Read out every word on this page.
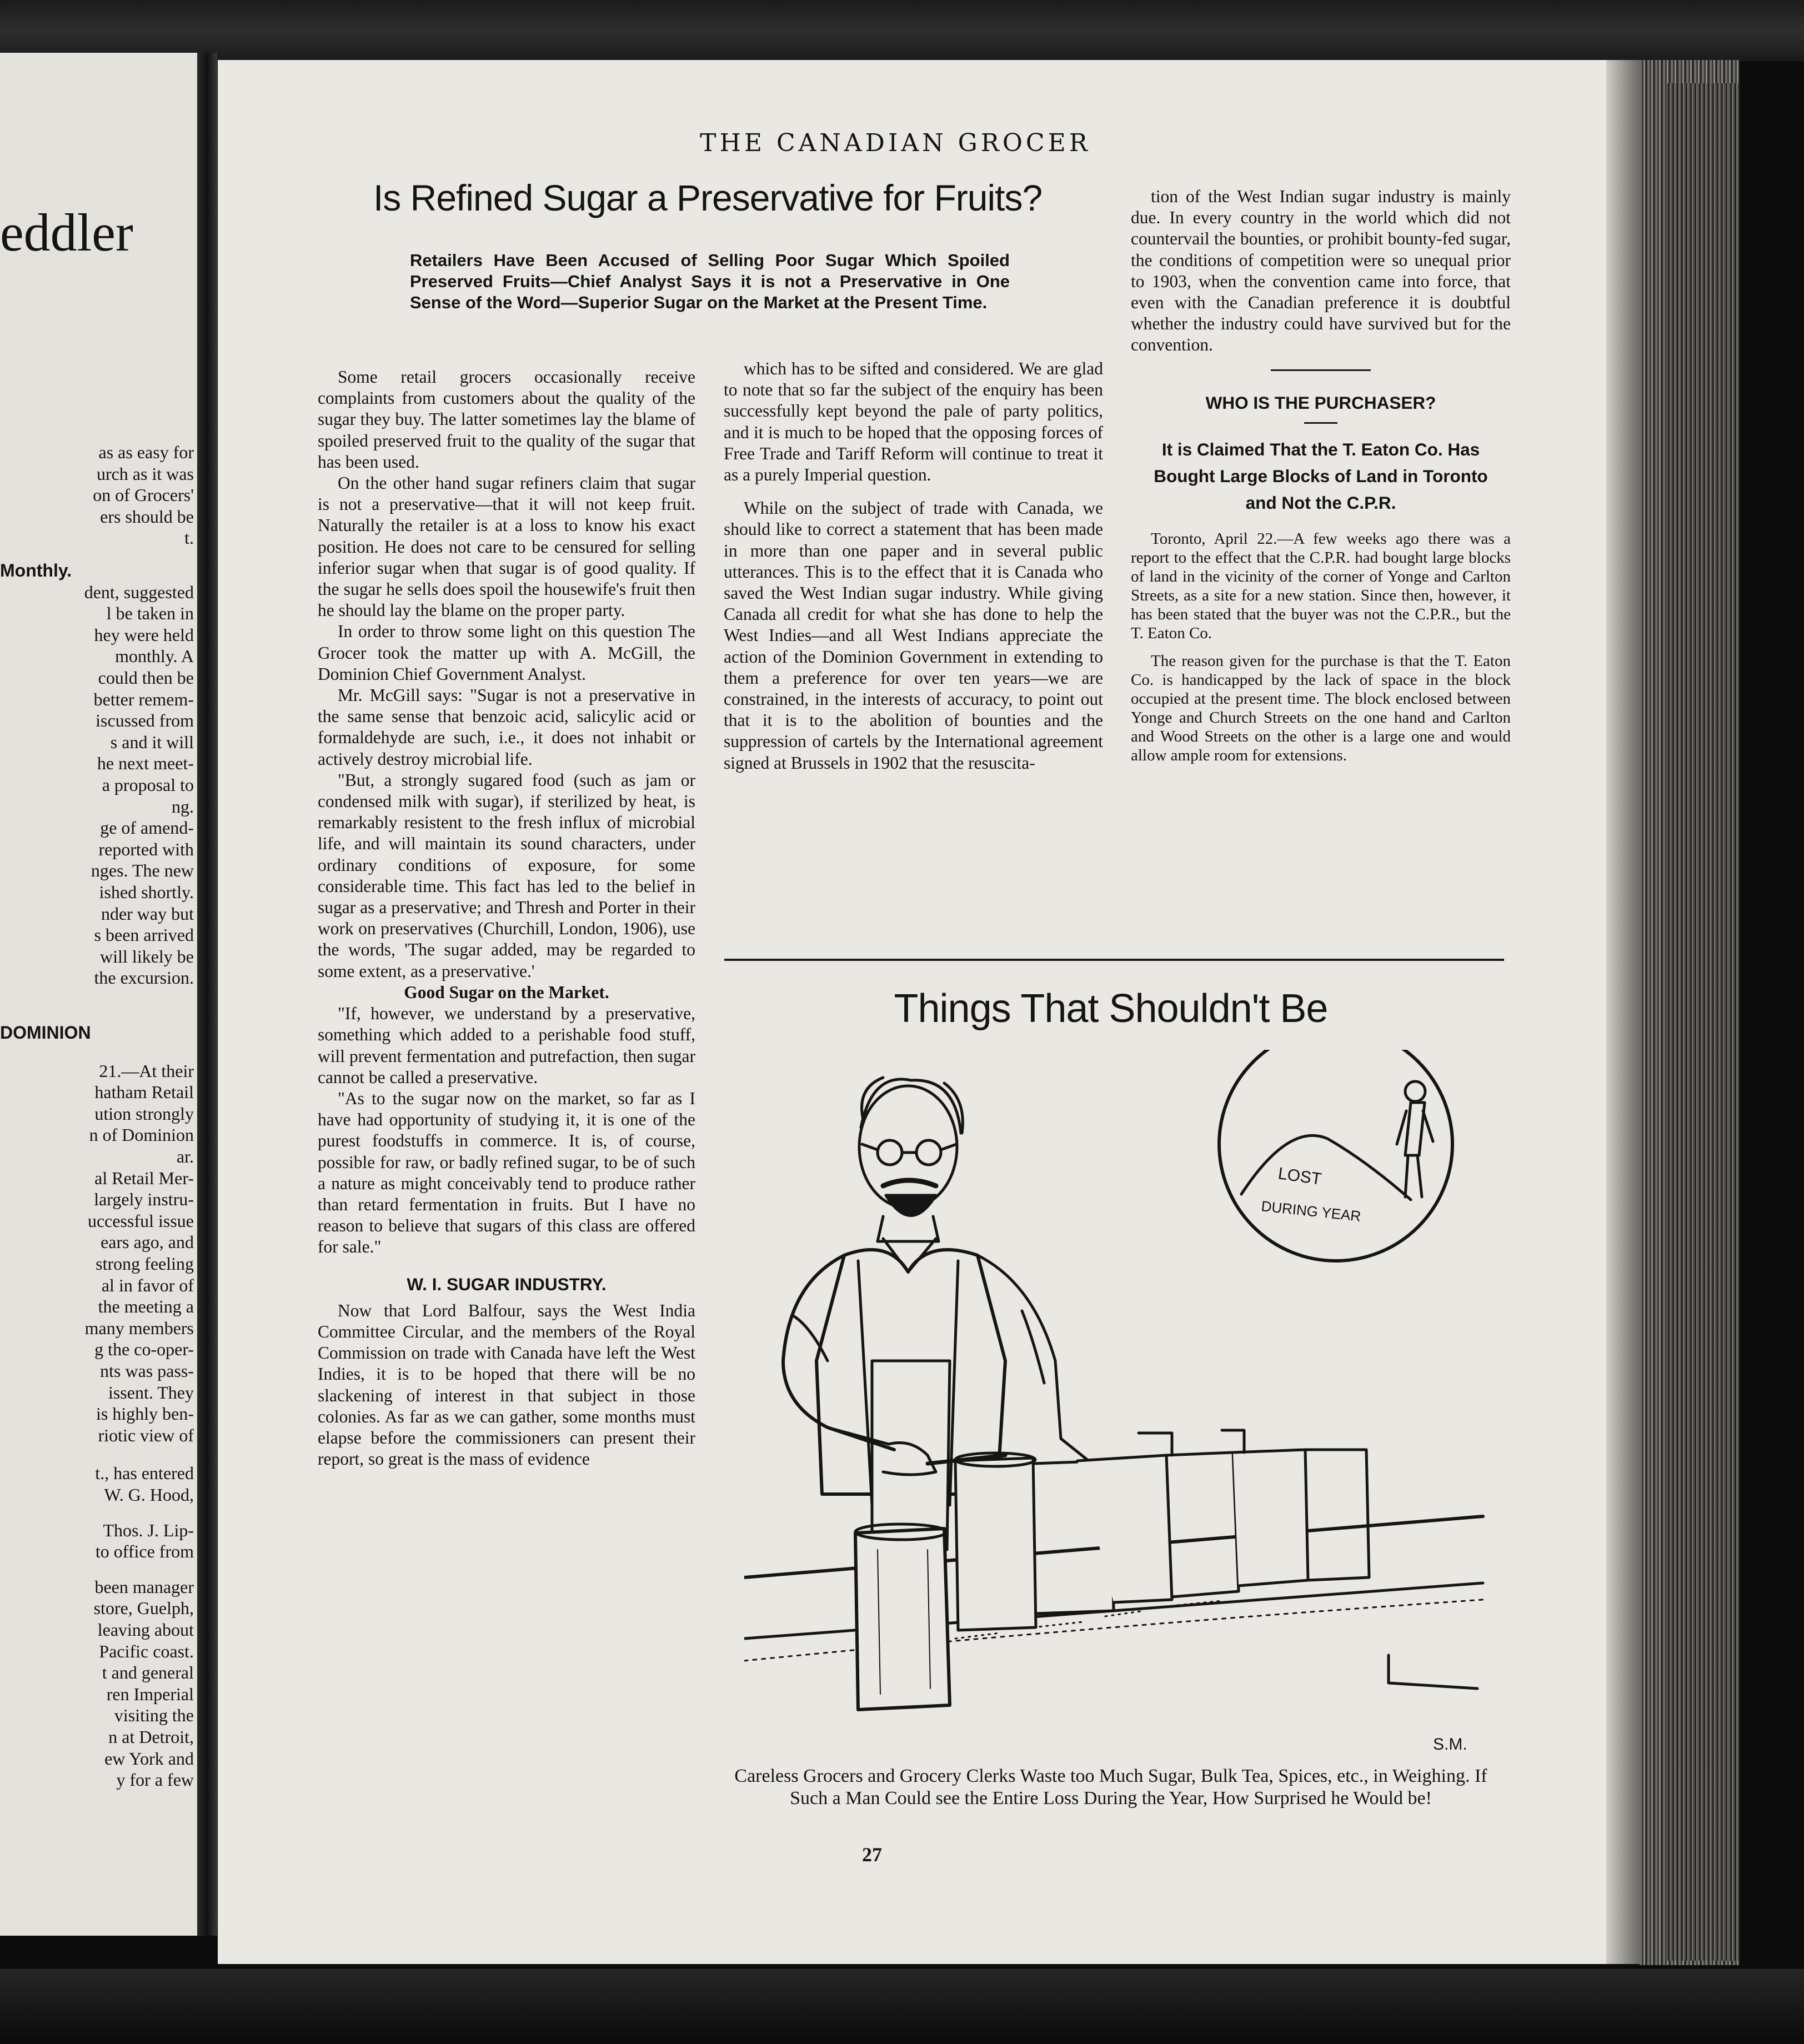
eddler
as as easy for
urch as it was
on of Grocers'
ers should be
t.
Monthly.
dent, suggested
l be taken in
hey were held
monthly. A
could then be
better remem-
iscussed from
s and it will
he next meet-
a proposal to
ng.
ge of amend-
reported with
nges. The new
ished shortly.
nder way but
s been arrived
will likely be
the excursion.
DOMINION
21.—At their
hatham Retail
ution strongly
n of Dominion
ar.
al Retail Mer-
largely instru-
uccessful issue
ears ago, and
strong feeling
al in favor of
the meeting a
many members
g the co-oper-
nts was pass-
issent. They
is highly ben-
riotic view of
t., has entered
W. G. Hood,
Thos. J. Lip-
to office from
been manager
store, Guelph,
leaving about
Pacific coast.
t and general
ren Imperial
visiting the
n at Detroit,
ew York and
y for a few
THE CANADIAN GROCER
Is Refined Sugar a Preservative for Fruits?
Retailers Have Been Accused of Selling Poor Sugar Which Spoiled Preserved Fruits—Chief Analyst Says it is not a Preservative in One Sense of the Word—Superior Sugar on the Market at the Present Time.

Some retail grocers occasionally receive complaints from customers about the quality of the sugar they buy. The latter sometimes lay the blame of spoiled preserved fruit to the quality of the sugar that has been used.

On the other hand sugar refiners claim that sugar is not a preservative—that it will not keep fruit. Naturally the retailer is at a loss to know his exact position. He does not care to be censured for selling inferior sugar when that sugar is of good quality. If the sugar he sells does spoil the housewife's fruit then he should lay the blame on the proper party.

In order to throw some light on this question The Grocer took the matter up with A. McGill, the Dominion Chief Government Analyst.

Mr. McGill says: "Sugar is not a preservative in the same sense that benzoic acid, salicylic acid or formaldehyde are such, i.e., it does not inhabit or actively destroy microbial life.

"But, a strongly sugared food (such as jam or condensed milk with sugar), if sterilized by heat, is remarkably resistent to the fresh influx of microbial life, and will maintain its sound characters, under ordinary conditions of exposure, for some considerable time. This fact has led to the belief in sugar as a preservative; and Thresh and Porter in their work on preservatives (Churchill, London, 1906), use the words, 'The sugar added, may be regarded to some extent, as a preservative.'

Good Sugar on the Market.

"If, however, we understand by a preservative, something which added to a perishable food stuff, will prevent fermentation and putrefaction, then sugar cannot be called a preservative.

"As to the sugar now on the market, so far as I have had opportunity of studying it, it is one of the purest foodstuffs in commerce. It is, of course, possible for raw, or badly refined sugar, to be of such a nature as might conceivably tend to produce rather than retard fermentation in fruits. But I have no reason to believe that sugars of this class are offered for sale."

W. I. SUGAR INDUSTRY.

Now that Lord Balfour, says the West India Committee Circular, and the members of the Royal Commission on trade with Canada have left the West Indies, it is to be hoped that there will be no slackening of interest in that subject in those colonies. As far as we can gather, some months must elapse before the commissioners can present their report, so great is the mass of evidence

which has to be sifted and considered. We are glad to note that so far the subject of the enquiry has been successfully kept beyond the pale of party politics, and it is much to be hoped that the opposing forces of Free Trade and Tariff Reform will continue to treat it as a purely Imperial question.

While on the subject of trade with Canada, we should like to correct a statement that has been made in more than one paper and in several public utterances. This is to the effect that it is Canada who saved the West Indian sugar industry. While giving Canada all credit for what she has done to help the West Indies—and all West Indians appreciate the action of the Dominion Government in extending to them a preference for over ten years—we are constrained, in the interests of accuracy, to point out that it is to the abolition of bounties and the suppression of cartels by the International agreement signed at Brussels in 1902 that the resuscita-

tion of the West Indian sugar industry is mainly due. In every country in the world which did not countervail the bounties, or prohibit bounty-fed sugar, the conditions of competition were so unequal prior to 1903, when the convention came into force, that even with the Canadian preference it is doubtful whether the industry could have survived but for the convention.

WHO IS THE PURCHASER?

It is Claimed That the T. Eaton Co. Has Bought Large Blocks of Land in Toronto and Not the C.P.R.

Toronto, April 22.—A few weeks ago there was a report to the effect that the C.P.R. had bought large blocks of land in the vicinity of the corner of Yonge and Carlton Streets, as a site for a new station. Since then, however, it has been stated that the buyer was not the C.P.R., but the T. Eaton Co.

The reason given for the purchase is that the T. Eaton Co. is handicapped by the lack of space in the block occupied at the present time. The block enclosed between Yonge and Church Streets on the one hand and Carlton and Wood Streets on the other is a large one and would allow ample room for extensions.

Things That Shouldn't Be
LOST
DURING YEAR
S.M.
Careless Grocers and Grocery Clerks Waste too Much Sugar, Bulk Tea, Spices, etc., in Weighing. If Such a Man Could see the Entire Loss During the Year, How Surprised he Would be!
27
